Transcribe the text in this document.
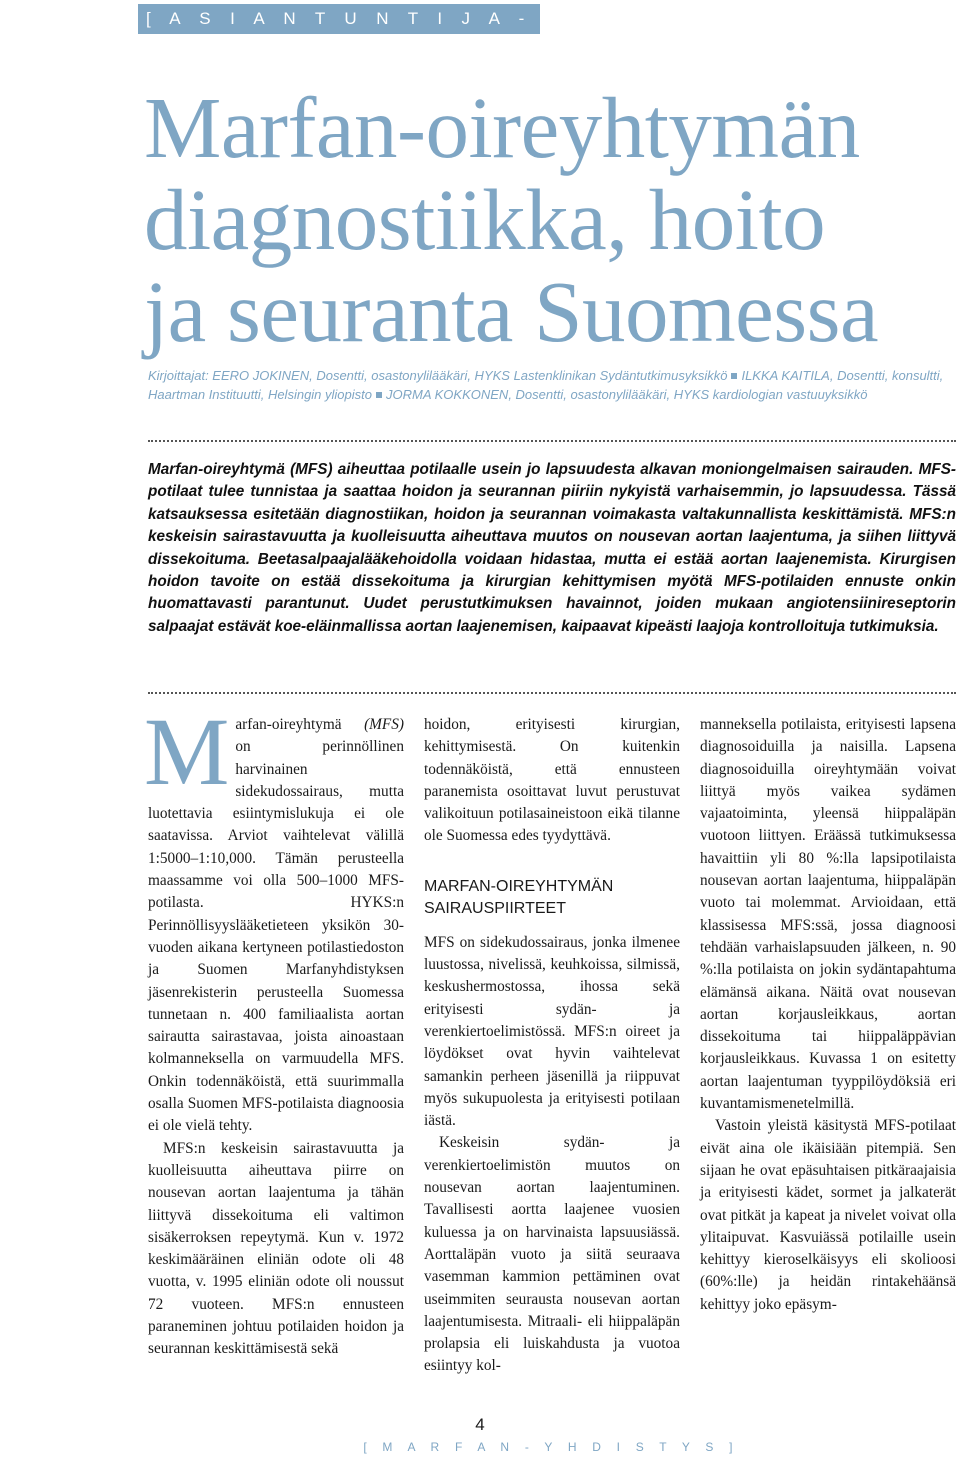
[ A S I A N T U N T I J A - A R T I K K E L I ]
Marfan-oireyhtymän
diagnostiikka, hoito
ja seuranta Suomessa
Kirjoittajat: EERO JOKINEN, Dosentti, osastonylilääkäri, HYKS Lastenklinikan Sydäntutkimusyksikkö ILKKA KAITILA, Dosentti, konsultti, Haartman Instituutti, Helsingin yliopisto JORMA KOKKONEN, Dosentti, osastonylilääkäri, HYKS kardiologian vastuuyksikkö

Marfan-oireyhtymä (MFS) aiheuttaa potilaalle usein jo lapsuudesta alkavan moniongelmaisen sairauden. MFS-potilaat tulee tunnistaa ja saattaa hoidon ja seurannan piiriin nykyistä varhaisemmin, jo lapsuudessa. Tässä katsauksessa esitetään diagnostiikan, hoidon ja seurannan voimakasta valtakunnallista keskittämistä. MFS:n keskeisin sairastavuutta ja kuolleisuutta aiheuttava muutos on nousevan aortan laajentuma, ja siihen liittyvä dissekoituma. Beetasalpaajalääkehoidolla voidaan hidastaa, mutta ei estää aortan laajenemista. Kirurgisen hoidon tavoite on estää dissekoituma ja kirurgian kehittymisen myötä MFS-potilaiden ennuste onkin huomattavasti parantunut. Uudet perustutkimuksen havainnot, joiden mukaan angiotensiinireseptorin salpaajat estävät koe-eläinmallissa aortan laajenemisen, kaipaavat kipeästi laajoja kontrolloituja tutkimuksia.

Marfan-oireyhtymä (MFS) on perinnöllinen harvinainen sidekudossairaus, mutta luotettavia esiintymislukuja ei ole saatavissa. Arviot vaihtelevat välillä 1:5000–1:10,000. Tämän perusteella maassamme voi olla 500–1000 MFS-potilasta. HYKS:n Perinnöllisyyslääketieteen yksikön 30-vuoden aikana kertyneen potilastiedoston ja Suomen Marfanyhdistyksen jäsenrekisterin perusteella Suomessa tunnetaan n. 400 familiaalista aortan sairautta sairastavaa, joista ainoastaan kolmanneksella on varmuudella MFS. Onkin todennäköistä, että suurimmalla osalla Suomen MFS-potilaista diagnoosia ei ole vielä tehty.

MFS:n keskeisin sairastavuutta ja kuolleisuutta aiheuttava piirre on nousevan aortan laajentuma ja tähän liittyvä dissekoituma eli valtimon sisäkerroksen repeytymä. Kun v. 1972 keskimääräinen eliniän odote oli 48 vuotta, v. 1995 eliniän odote oli noussut 72 vuoteen. MFS:n ennusteen paraneminen johtuu potilaiden hoidon ja seurannan keskittämisestä sekä

hoidon, erityisesti kirurgian, kehittymisestä. On kuitenkin todennäköistä, että ennusteen paranemista osoittavat luvut perustuvat valikoituun potilasaineistoon eikä tilanne ole Suomessa edes tyydyttävä.

MARFAN-OIREYHTYMÄN
SAIRAUSPIIRTEET

MFS on sidekudossairaus, jonka ilmenee luustossa, nivelissä, keuhkoissa, silmissä, keskushermostossa, ihossa sekä erityisesti sydän- ja verenkiertoelimistössä. MFS:n oireet ja löydökset ovat hyvin vaihtelevat samankin perheen jäsenillä ja riippuvat myös sukupuolesta ja erityisesti potilaan iästä.

Keskeisin sydän- ja verenkiertoelimistön muutos on nousevan aortan laajentuminen. Tavallisesti aortta laajenee vuosien kuluessa ja on harvinaista lapsuusiässä. Aorttaläpän vuoto ja siitä seuraava vasemman kammion pettäminen ovat useimmiten seurausta nousevan aortan laajentumisesta. Mitraali- eli hiippaläpän prolapsia eli luiskahdusta ja vuotoa esiintyy kol-

manneksella potilaista, erityisesti lapsena diagnosoiduilla ja naisilla. Lapsena diagnosoiduilla oireyhtymään voivat liittyä myös vaikea sydämen vajaatoiminta, yleensä hiippaläpän vuotoon liittyen. Eräässä tutkimuksessa havaittiin yli 80 %:lla lapsipotilaista nousevan aortan laajentuma, hiippaläpän vuoto tai molemmat. Arvioidaan, että klassisessa MFS:ssä, jossa diagnoosi tehdään varhaislapsuuden jälkeen, n. 90 %:lla potilaista on jokin sydäntapahtuma elämänsä aikana. Näitä ovat nousevan aortan korjausleikkaus, aortan dissekoituma tai hiippaläppävian korjausleikkaus. Kuvassa 1 on esitetty aortan laajentuman tyyppilöydöksiä eri kuvantamismenetelmillä.

Vastoin yleistä käsitystä MFS-potilaat eivät aina ole ikäisiään pitempiä. Sen sijaan he ovat epäsuhtaisen pitkäraajaisia ja erityisesti kädet, sormet ja jalkaterät ovat pitkät ja kapeat ja nivelet voivat olla ylitaipuvat. Kasvuiässä potilaille usein kehittyy kieroselkäisyys eli skolioosi (60%:lle) ja heidän rintakehäänsä kehittyy joko epäsym-

4
[ M A R F A N - Y H D I S T Y S ]
